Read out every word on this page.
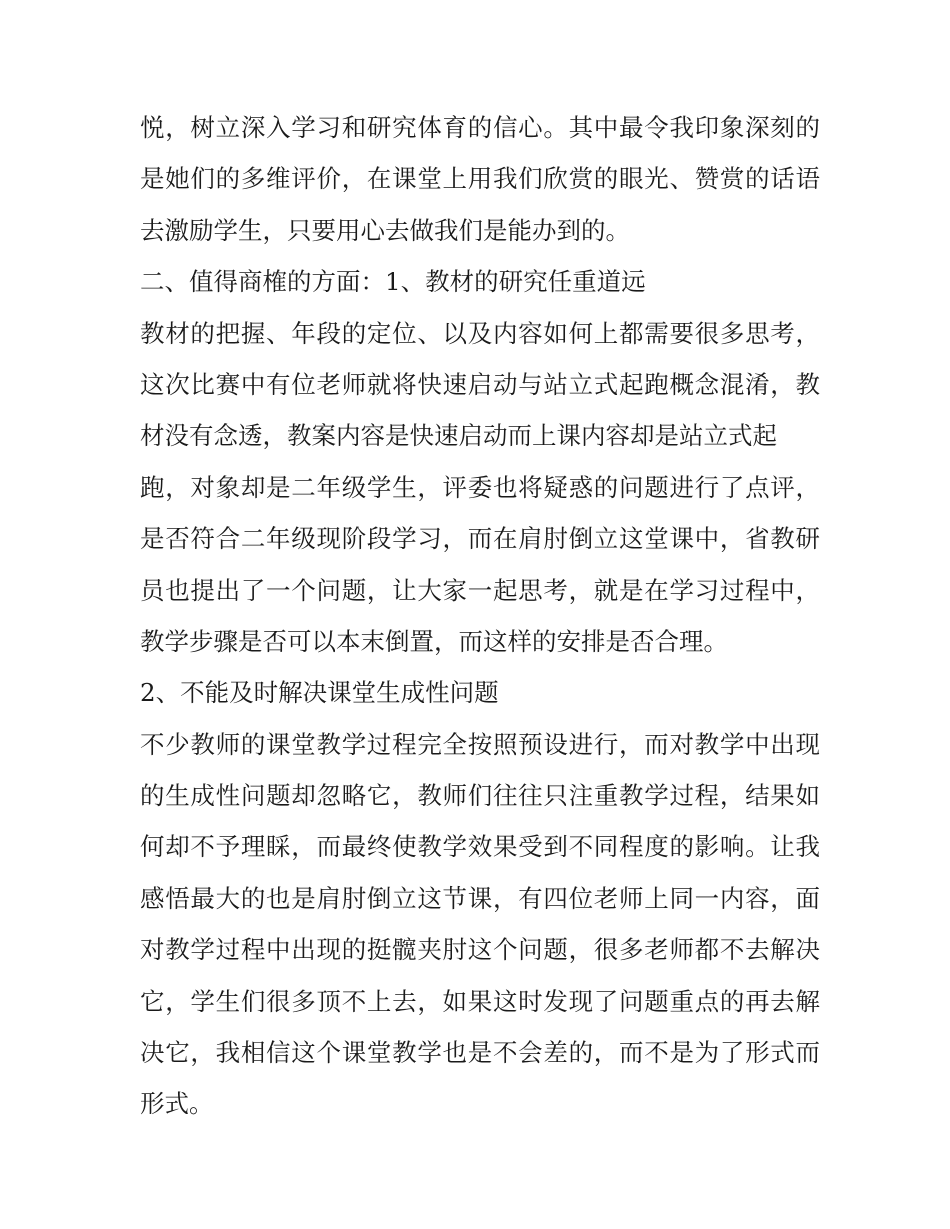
悦，树立深入学习和研究体育的信心。其中最令我印象深刻的
是她们的多维评价，在课堂上用我们欣赏的眼光、赞赏的话语
去激励学生，只要用心去做我们是能办到的。
二、值得商榷的方面：1、教材的研究任重道远
教材的把握、年段的定位、以及内容如何上都需要很多思考，
这次比赛中有位老师就将快速启动与站立式起跑概念混淆，教
材没有念透，教案内容是快速启动而上课内容却是站立式起
跑，对象却是二年级学生，评委也将疑惑的问题进行了点评，
是否符合二年级现阶段学习，而在肩肘倒立这堂课中，省教研
员也提出了一个问题，让大家一起思考，就是在学习过程中，
教学步骤是否可以本末倒置，而这样的安排是否合理。
2、不能及时解决课堂生成性问题
不少教师的课堂教学过程完全按照预设进行，而对教学中出现
的生成性问题却忽略它，教师们往往只注重教学过程，结果如
何却不予理睬，而最终使教学效果受到不同程度的影响。让我
感悟最大的也是肩肘倒立这节课，有四位老师上同一内容，面
对教学过程中出现的挺髋夹肘这个问题，很多老师都不去解决
它，学生们很多顶不上去，如果这时发现了问题重点的再去解
决它，我相信这个课堂教学也是不会差的，而不是为了形式而
形式。
